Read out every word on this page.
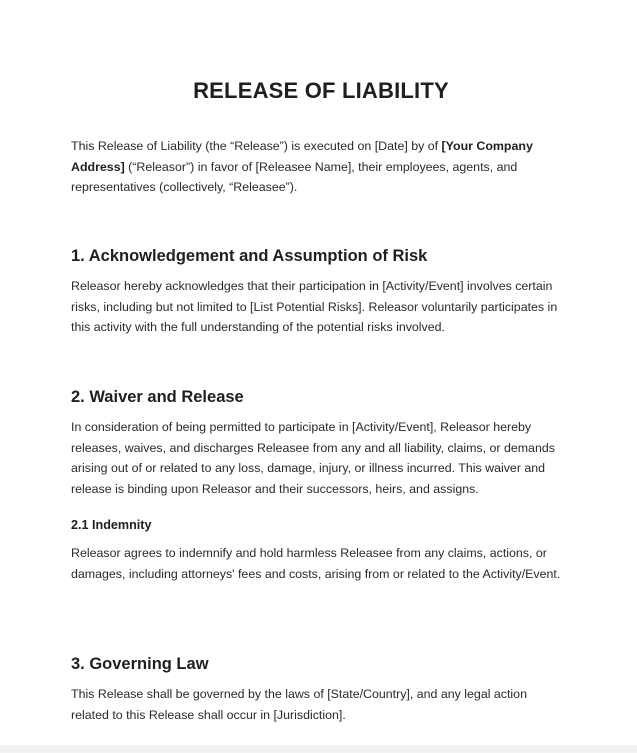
RELEASE OF LIABILITY

This Release of Liability (the “Release”) is executed on [Date] by of [Your Company Address] (“Releasor”) in favor of [Releasee Name], their employees, agents, and representatives (collectively, “Releasee”).

1. Acknowledgement and Assumption of Risk

Releasor hereby acknowledges that their participation in [Activity/Event] involves certain risks, including but not limited to [List Potential Risks]. Releasor voluntarily participates in this activity with the full understanding of the potential risks involved.

2. Waiver and Release

In consideration of being permitted to participate in [Activity/Event], Releasor hereby releases, waives, and discharges Releasee from any and all liability, claims, or demands arising out of or related to any loss, damage, injury, or illness incurred. This waiver and release is binding upon Releasor and their successors, heirs, and assigns.

2.1 Indemnity

Releasor agrees to indemnify and hold harmless Releasee from any claims, actions, or damages, including attorneys' fees and costs, arising from or related to the Activity/Event.

3. Governing Law

This Release shall be governed by the laws of [State/Country], and any legal action related to this Release shall occur in [Jurisdiction].
